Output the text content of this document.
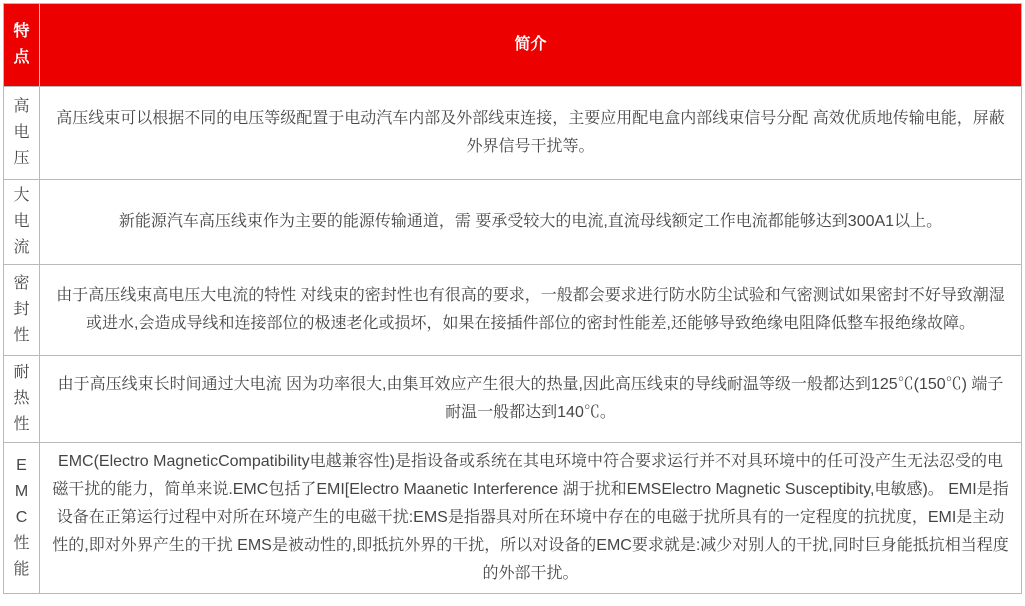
特点
简介
高电压
高压线束可以根据不同的电压等级配置于电动汽车内部及外部线束连接，主要应用配电盒内部线束信号分配 高效优质地传输电能，屏蔽外界信号干扰等。
大电流
新能源汽车高压线束作为主要的能源传输通道，需 要承受较大的电流,直流母线额定工作电流都能够达到300A1以上。
密封性
由于高压线束高电压大电流的特性 对线束的密封性也有很高的要求，一般都会要求进行防水防尘试验和气密测试如果密封不好导致潮湿或进水,会造成导线和连接部位的极速老化或损坏，如果在接插件部位的密封性能差,还能够导致绝缘电阻降低整车报绝缘故障。
耐热性
由于高压线束长时间通过大电流 因为功率很大,由集耳效应产生很大的热量,因此高压线束的导线耐温等级一般都达到125℃(150℃) 端子耐温一般都达到140℃。
EMC性能
EMC(Electro MagneticCompatibility电越兼容性)是指设备或系统在其电环境中符合要求运行并不对具环境中的任可没产生无法忍受的电磁干扰的能力，简单来说.EMC包括了EMI[Electro Maanetic Interference 湖于扰和EMSElectro Magnetic Susceptibity,电敏感)。 EMI是指设备在正第运行过程中对所在环境产生的电磁干扰:EMS是指器具对所在环境中存在的电磁于扰所具有的一定程度的抗扰度，EMI是主动性的,即对外界产生的干扰 EMS是被动性的,即抵抗外界的干扰，所以对设备的EMC要求就是:减少对别人的干扰,同时巨身能抵抗相当程度的外部干扰。
